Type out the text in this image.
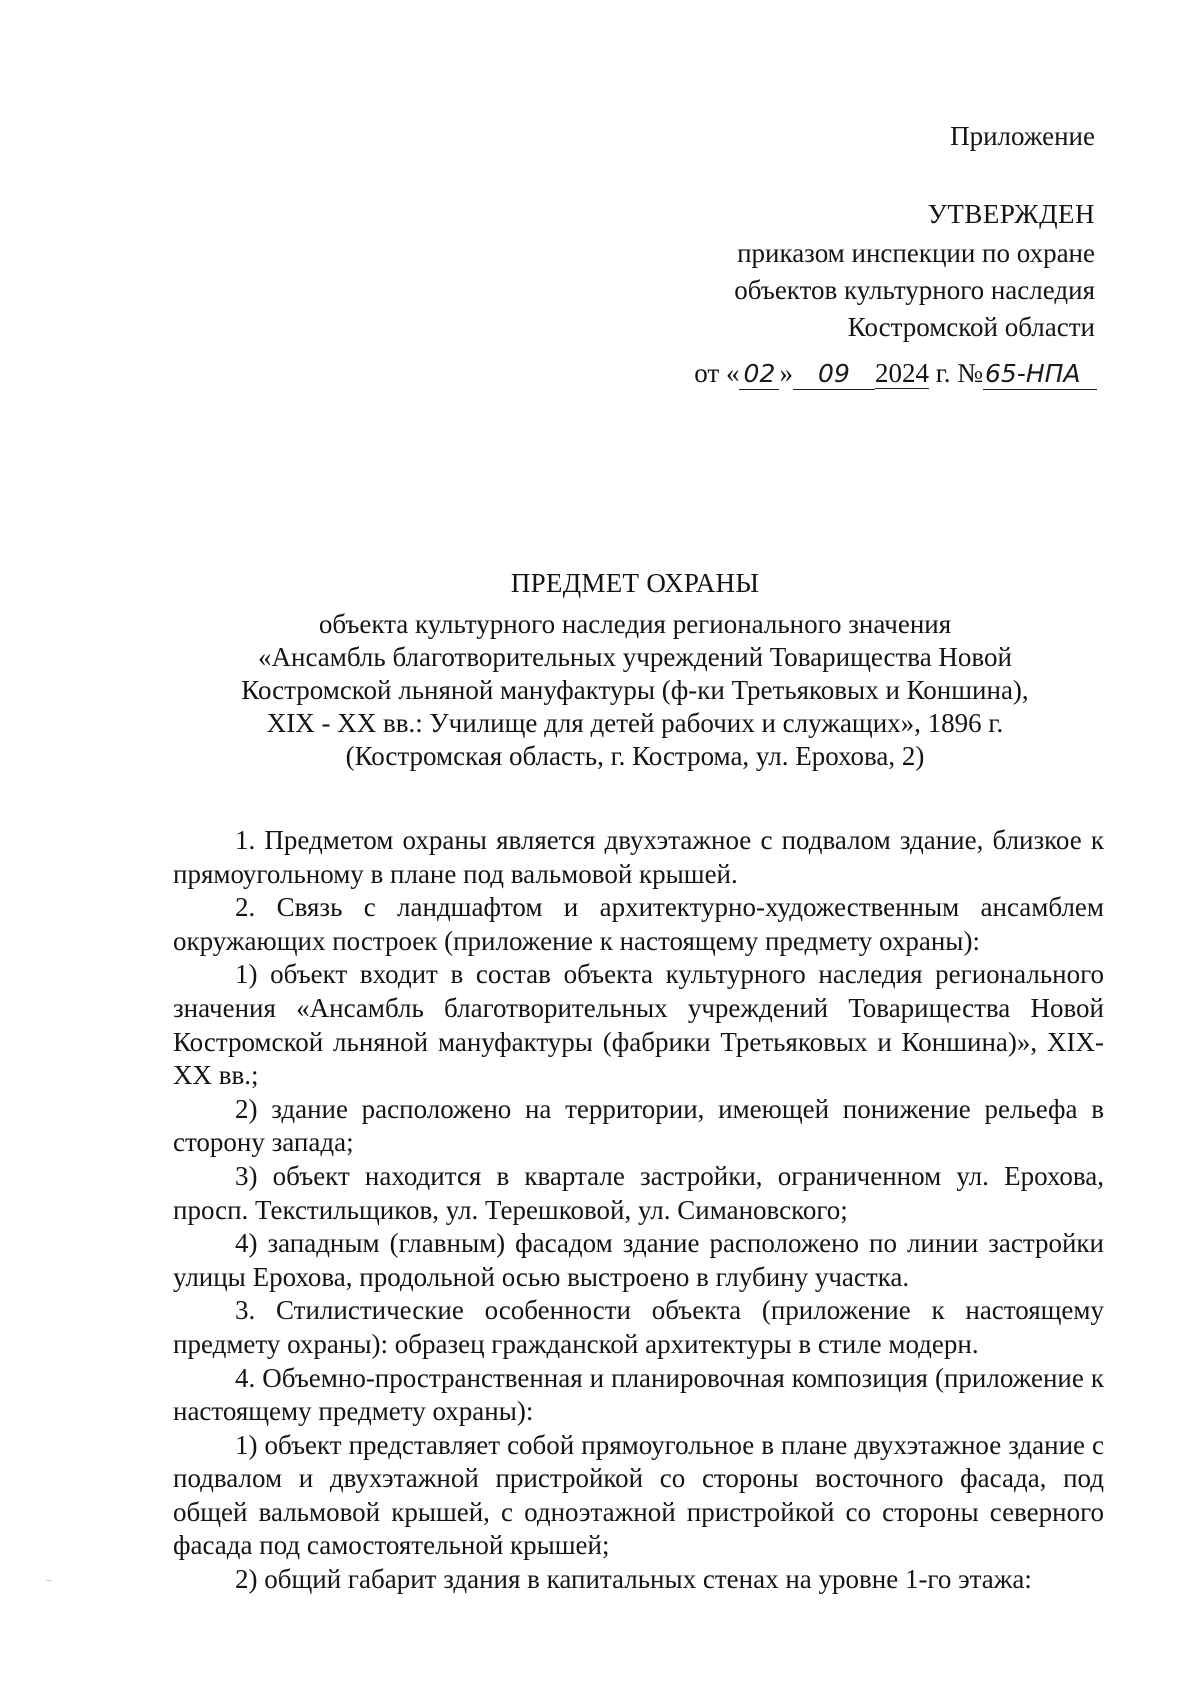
Приложение
УТВЕРЖДЕН
приказом инспекции по охране
объектов культурного наследия
Костромской области
от « 02 » 09 2024 г. №65-НПА
ПРЕДМЕТ ОХРАНЫ
объекта культурного наследия регионального значения
«Ансамбль благотворительных учреждений Товарищества Новой
Костромской льняной мануфактуры (ф-ки Третьяковых и Коншина),
XIX - XX вв.: Училище для детей рабочих и служащих», 1896 г.
(Костромская область, г. Кострома, ул. Ерохова, 2)

1. Предметом охраны является двухэтажное с подвалом здание, близкое к прямоугольному в плане под вальмовой крышей.

2. Связь с ландшафтом и архитектурно-художественным ансамблем окружающих построек (приложение к настоящему предмету охраны):

1) объект входит в состав объекта культурного наследия регионального значения «Ансамбль благотворительных учреждений Товарищества Новой Костромской льняной мануфактуры (фабрики Третьяковых и Коншина)», XIX-XX вв.;

2) здание расположено на территории, имеющей понижение рельефа в сторону запада;

3) объект находится в квартале застройки, ограниченном ул. Ерохова, просп. Текстильщиков, ул. Терешковой, ул. Симановского;

4) западным (главным) фасадом здание расположено по линии застройки улицы Ерохова, продольной осью выстроено в глубину участка.

3. Стилистические особенности объекта (приложение к настоящему предмету охраны): образец гражданской архитектуры в стиле модерн.

4. Объемно-пространственная и планировочная композиция (приложение к настоящему предмету охраны):

1) объект представляет собой прямоугольное в плане двухэтажное здание с подвалом и двухэтажной пристройкой со стороны восточного фасада, под общей вальмовой крышей, с одноэтажной пристройкой со стороны северного фасада под самостоятельной крышей;

2) общий габарит здания в капитальных стенах на уровне 1-го этажа:
